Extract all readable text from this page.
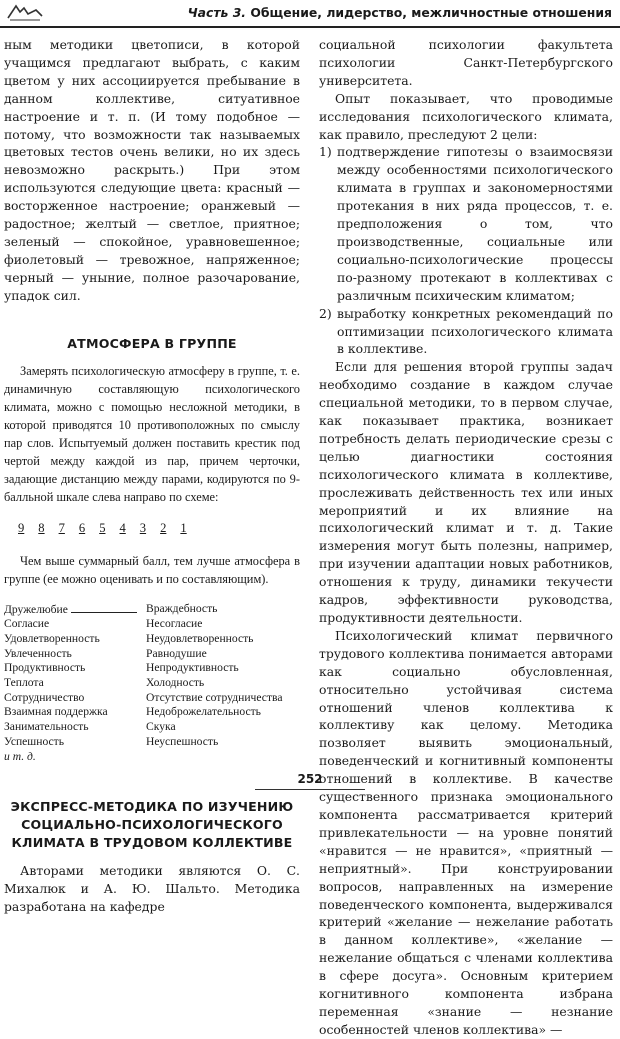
Часть 3. Общение, лидерство, межличностные отношения

ным методики цветописи, в которой учащимся предлагают выбрать, с каким цветом у них ассоциируется пребывание в данном коллективе, ситуативное настроение и т. п. (И тому подобное — потому, что возможности так называемых цветовых тестов очень велики, но их здесь невозможно раскрыть.) При этом используются следующие цвета: красный — восторженное настроение; оранжевый — радостное; желтый — светлое, приятное; зеленый — спокойное, уравновешенное; фиолетовый — тревожное, напряженное; черный — уныние, полное разочарование, упадок сил.

АТМОСФЕРА В ГРУППЕ

Замерять психологическую атмосферу в группе, т. е. динамичную составляющую психологического климата, можно с помощью несложной методики, в которой приводятся 10 противоположных по смыслу пар слов. Испытуемый должен поставить крестик под чертой между каждой из пар, причем черточки, задающие дистанцию между парами, кодируются по 9-балльной шкале слева направо по схеме:

9 8 7 6 5 4 3 2 1

Чем выше суммарный балл, тем лучше атмосфера в группе (ее можно оценивать и по составляющим).

Дружелюбие	Враждебность
Согласие	Несогласие
Удовлетворенность	Неудовлетворенность
Увлеченность	Равнодушие
Продуктивность	Непродуктивность
Теплота	Холодность
Сотрудничество	Отсутствие сотрудничества
Взаимная поддержка	Недоброжелательность
Занимательность	Скука
Успешность	Неуспешность
и т. д.
ЭКСПРЕСС-МЕТОДИКА ПО ИЗУЧЕНИЮ
СОЦИАЛЬНО-ПСИХОЛОГИЧЕСКОГО
КЛИМАТА В ТРУДОВОМ КОЛЛЕКТИВЕ

Авторами методики являются О. С. Михалюк и А. Ю. Шальто. Методика разработана на кафедре

социальной психологии факультета психологии Санкт-Петербургского университета.

Опыт показывает, что проводимые исследования психологического климата, как правило, преследуют 2 цели:

1) подтверждение гипотезы о взаимосвязи между особенностями психологического климата в группах и закономерностями протекания в них ряда процессов, т. е. предположения о том, что производственные, социальные или социально-психологические процессы по-разному протекают в коллективах с различным психическим климатом;
2) выработку конкретных рекомендаций по оптимизации психологического климата в коллективе.

Если для решения второй группы задач необходимо создание в каждом случае специальной методики, то в первом случае, как показывает практика, возникает потребность делать периодические срезы с целью диагностики состояния психологического климата в коллективе, прослеживать действенность тех или иных мероприятий и их влияние на психологический климат и т. д. Такие измерения могут быть полезны, например, при изучении адаптации новых работников, отношения к труду, динамики текучести кадров, эффективности руководства, продуктивности деятельности.

Психологический климат первичного трудового коллектива понимается авторами как социально обусловленная, относительно устойчивая система отношений членов коллектива к коллективу как целому. Методика позволяет выявить эмоциональный, поведенческий и когнитивный компоненты отношений в коллективе. В качестве существенного признака эмоционального компонента рассматривается критерий привлекательности — на уровне понятий «нравится — не нравится», «приятный — неприятный». При конструировании вопросов, направленных на измерение поведенческого компонента, выдерживался критерий «желание — нежелание работать в данном коллективе», «желание — нежелание общаться с членами коллектива в сфере досуга». Основным критерием когнитивного компонента избрана переменная «знание — незнание особенностей членов коллектива» —

252
